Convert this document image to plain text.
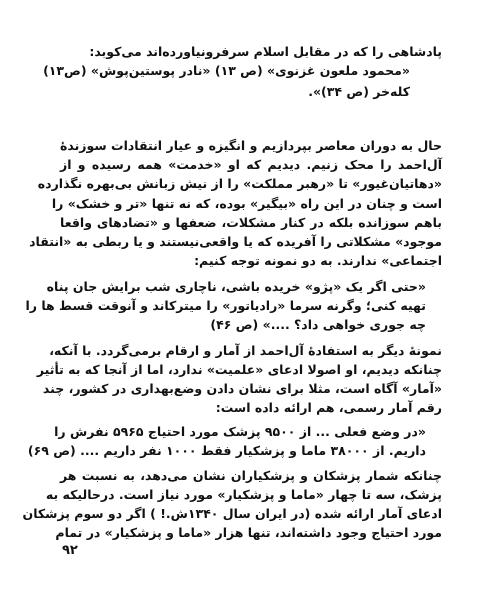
پادشاهی را که در مقابل اسلام سرفرونیاورده‌اند می‌کوبد:
«محمود ملعون غزنوی» (ص ۱۳) «نادر پوستین‌پوش» (ص۱۳)
کله‌خر (ص ۳۴)».
حال به دوران معاصر بپردازیم و انگیزه و عیار انتقادات سوزندهٔ
آل‌احمد را محک زنیم. دیدیم که او «خدمت» همه رسیده و از
«دهاتیان‌غیور» تا «رهبر مملکت» را از نیش زبانش بی‌بهره نگذارده
است و چنان در این راه «بیگیر» بوده، که نه تنها «تر و خشک» را
باهم سوزانده بلکه در کنار مشکلات، ضعفها و «تضادهای واقعا
موجود» مشکلاتی را آفریده که یا واقعی‌نیستند و یا ربطی به «انتقاد
اجتماعی» ندارند. به دو نمونه توجه کنیم:
«حتی اگر یک «پژو» خریده باشی، ناچاری شب برایش جان پناه
تهیه کنی؛ وگرنه سرما «رادیاتور» را میترکاند و آنوقت قسط ها را
چه جوری خواهی داد؟ ....» (ص ۴۶)
نمونهٔ دیگر به استفادهٔ آل‌احمد از آمار و ارقام برمی‌گردد. با آنکه،
چنانکه دیدیم، او اصولا ادعای «علمیت» ندارد، اما از آنجا که به تأثیر
«آمار» آگاه است، مثلا برای نشان دادن وضع‌بهداری در کشور، چند
رقم آمار رسمی، هم ارائه داده است:
«در وضع فعلی ... از ۹۵۰۰ پزشک مورد احتیاج ۵۹۶۵ نفرش را
داریم. از ۳۸۰۰۰ ماما و پزشکیار فقط ۱۰۰۰ نفر داریم .... (ص ۶۹)
چنانکه شمار پزشکان و پزشکیاران نشان می‌دهد، به نسبت هر
پزشک، سه تا چهار «ماما و پزشکیار» مورد نیاز است. درحالیکه به
ادعای آمار ارائه شده (در ایران سال ۱۳۴۰ش.! ) اگر دو سوم پزشکان
مورد احتیاج وجود داشته‌اند، تنها هزار «ماما و پزشکیار» در تمام
۹۲
